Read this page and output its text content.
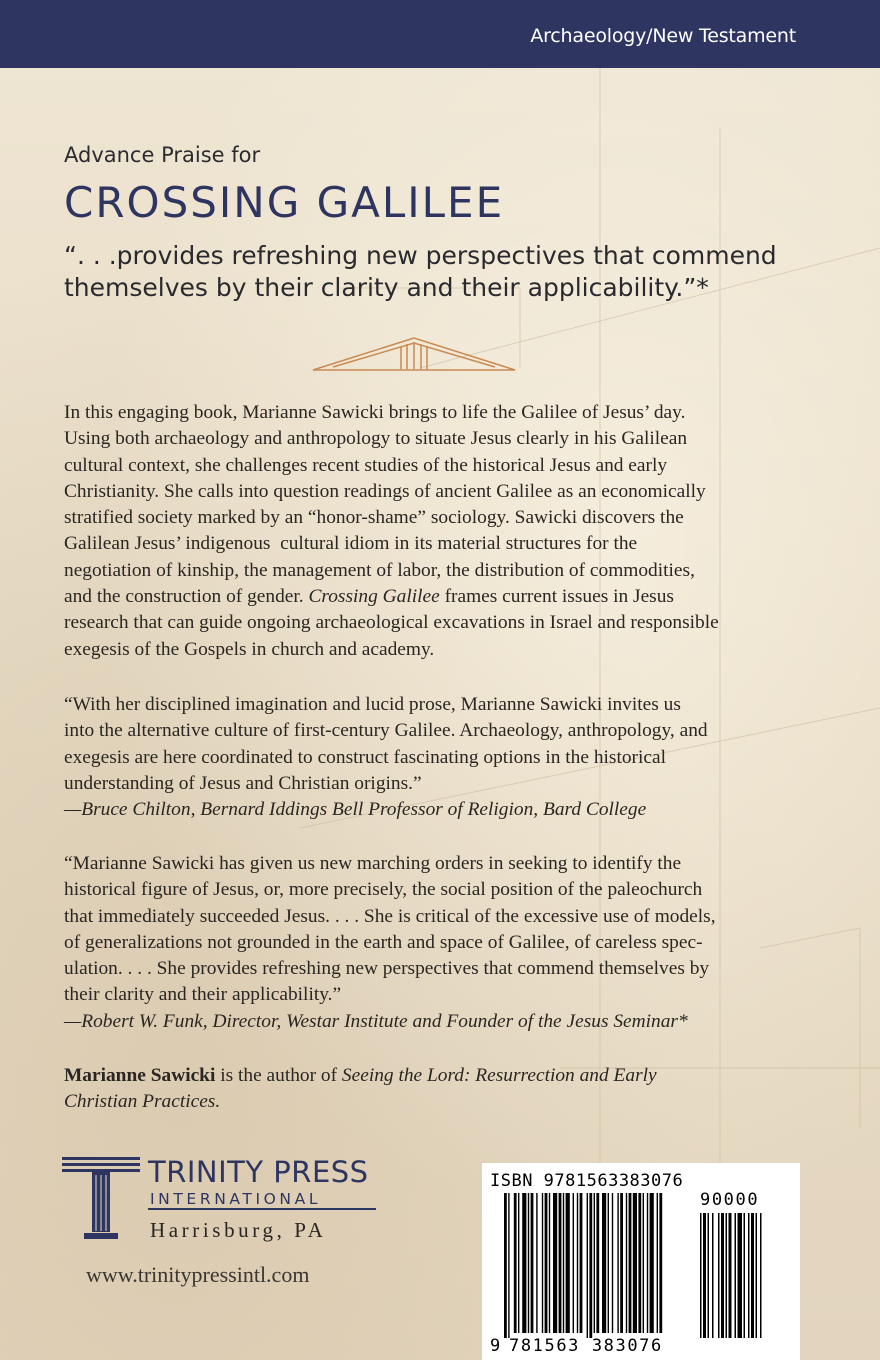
Archaeology/New Testament
Advance Praise for
CROSSING GALILEE
“. . .provides refreshing new perspectives that commend
themselves by their clarity and their applicability.”*
In this engaging book, Marianne Sawicki brings to life the Galilee of Jesus’ day.
Using both archaeology and anthropology to situate Jesus clearly in his Galilean
cultural context, she challenges recent studies of the historical Jesus and early
Christianity. She calls into question readings of ancient Galilee as an economically
stratified society marked by an “honor-shame” sociology. Sawicki discovers the
Galilean Jesus’ indigenous  cultural idiom in its material structures for the
negotiation of kinship, the management of labor, the distribution of commodities,
and the construction of gender. Crossing Galilee frames current issues in Jesus
research that can guide ongoing archaeological excavations in Israel and responsible
exegesis of the Gospels in church and academy.
“With her disciplined imagination and lucid prose, Marianne Sawicki invites us
into the alternative culture of first-century Galilee. Archaeology, anthropology, and
exegesis are here coordinated to construct fascinating options in the historical
understanding of Jesus and Christian origins.”
—Bruce Chilton, Bernard Iddings Bell Professor of Religion, Bard College
“Marianne Sawicki has given us new marching orders in seeking to identify the
historical figure of Jesus, or, more precisely, the social position of the paleochurch
that immediately succeeded Jesus. . . . She is critical of the excessive use of models,
of generalizations not grounded in the earth and space of Galilee, of careless spec-
ulation. . . . She provides refreshing new perspectives that commend themselves by
their clarity and their applicability.”
—Robert W. Funk, Director, Westar Institute and Founder of the Jesus Seminar*
Marianne Sawicki is the author of Seeing the Lord: Resurrection and Early
Christian Practices.
TRINITY PRESS
INTERNATIONAL
Harrisburg, PA
www.trinitypressintl.com
ISBN 9781563383076
90000
9 781563 383076
